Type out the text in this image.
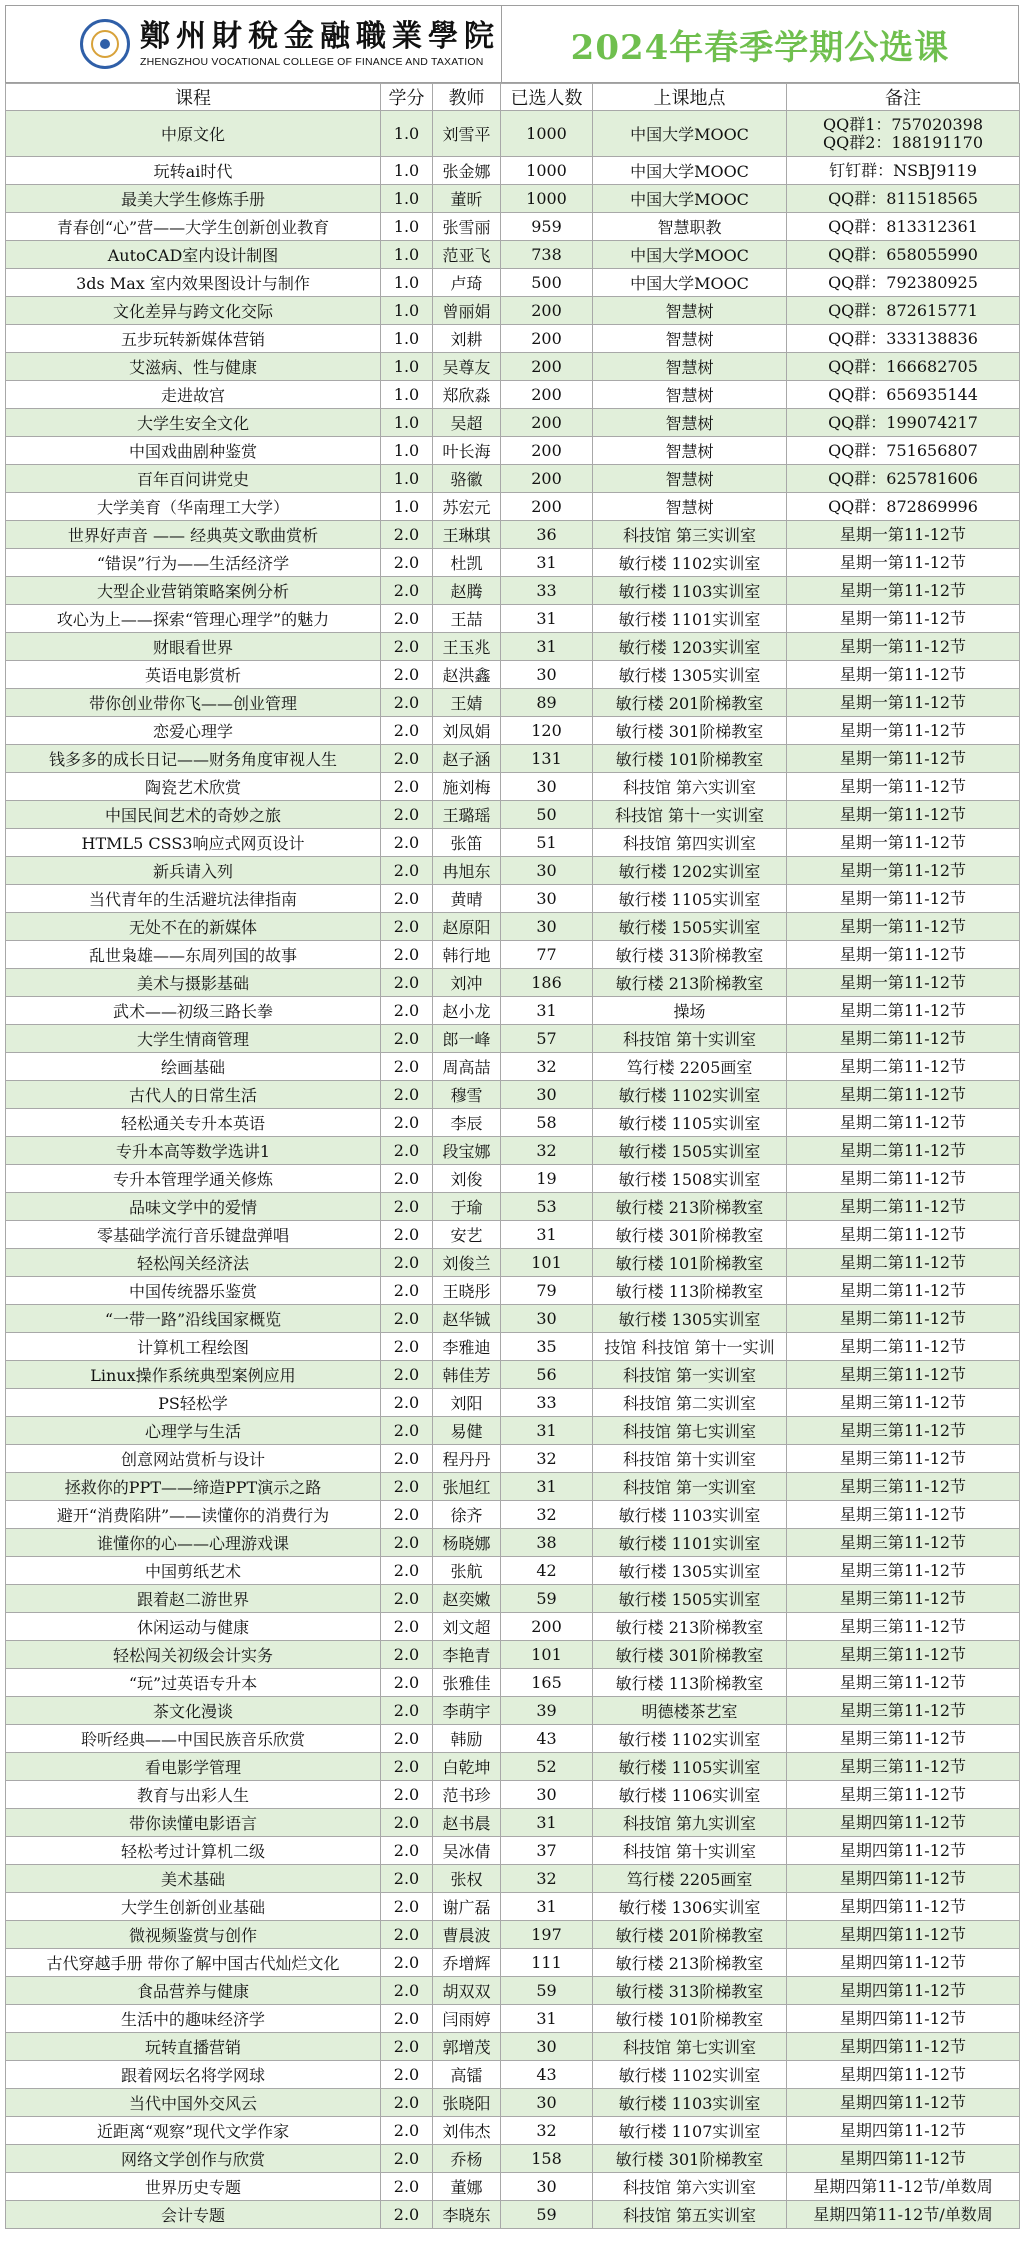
鄭州財稅金融職業學院
ZHENGZHOU VOCATIONAL COLLEGE OF FINANCE AND TAXATION	2024年春季学期公选课
课程	学分	教师	已选人数	上课地点	备注
中原文化	1.0	刘雪平	1000	中国大学MOOC	QQ群1：757020398
QQ群2：188191170
玩转ai时代	1.0	张金娜	1000	中国大学MOOC	钉钉群：NSBJ9119
最美大学生修炼手册	1.0	董昕	1000	中国大学MOOC	QQ群：811518565
青春创“心”营——大学生创新创业教育	1.0	张雪丽	959	智慧职教	QQ群：813312361
AutoCAD室内设计制图	1.0	范亚飞	738	中国大学MOOC	QQ群：658055990
3ds Max 室内效果图设计与制作	1.0	卢琦	500	中国大学MOOC	QQ群：792380925
文化差异与跨文化交际	1.0	曾丽娟	200	智慧树	QQ群：872615771
五步玩转新媒体营销	1.0	刘耕	200	智慧树	QQ群：333138836
艾滋病、性与健康	1.0	吴尊友	200	智慧树	QQ群：166682705
走进故宫	1.0	郑欣淼	200	智慧树	QQ群：656935144
大学生安全文化	1.0	吴超	200	智慧树	QQ群：199074217
中国戏曲剧种鉴赏	1.0	叶长海	200	智慧树	QQ群：751656807
百年百问讲党史	1.0	骆徽	200	智慧树	QQ群：625781606
大学美育（华南理工大学）	1.0	苏宏元	200	智慧树	QQ群：872869996
世界好声音 —— 经典英文歌曲赏析	2.0	王琳琪	36	科技馆 第三实训室	星期一第11-12节
“错误”行为——生活经济学	2.0	杜凯	31	敏行楼 1102实训室	星期一第11-12节
大型企业营销策略案例分析	2.0	赵腾	33	敏行楼 1103实训室	星期一第11-12节
攻心为上——探索“管理心理学”的魅力	2.0	王喆	31	敏行楼 1101实训室	星期一第11-12节
财眼看世界	2.0	王玉兆	31	敏行楼 1203实训室	星期一第11-12节
英语电影赏析	2.0	赵洪鑫	30	敏行楼 1305实训室	星期一第11-12节
带你创业带你飞——创业管理	2.0	王婧	89	敏行楼 201阶梯教室	星期一第11-12节
恋爱心理学	2.0	刘凤娟	120	敏行楼 301阶梯教室	星期一第11-12节
钱多多的成长日记——财务角度审视人生	2.0	赵子涵	131	敏行楼 101阶梯教室	星期一第11-12节
陶瓷艺术欣赏	2.0	施刘梅	30	科技馆 第六实训室	星期一第11-12节
中国民间艺术的奇妙之旅	2.0	王璐瑶	50	科技馆 第十一实训室	星期一第11-12节
HTML5 CSS3响应式网页设计	2.0	张笛	51	科技馆 第四实训室	星期一第11-12节
新兵请入列	2.0	冉旭东	30	敏行楼 1202实训室	星期一第11-12节
当代青年的生活避坑法律指南	2.0	黄晴	30	敏行楼 1105实训室	星期一第11-12节
无处不在的新媒体	2.0	赵原阳	30	敏行楼 1505实训室	星期一第11-12节
乱世枭雄——东周列国的故事	2.0	韩行地	77	敏行楼 313阶梯教室	星期一第11-12节
美术与摄影基础	2.0	刘冲	186	敏行楼 213阶梯教室	星期一第11-12节
武术——初级三路长拳	2.0	赵小龙	31	操场	星期二第11-12节
大学生情商管理	2.0	郎一峰	57	科技馆 第十实训室	星期二第11-12节
绘画基础	2.0	周高喆	32	笃行楼 2205画室	星期二第11-12节
古代人的日常生活	2.0	穆雪	30	敏行楼 1102实训室	星期二第11-12节
轻松通关专升本英语	2.0	李辰	58	敏行楼 1105实训室	星期二第11-12节
专升本高等数学选讲1	2.0	段宝娜	32	敏行楼 1505实训室	星期二第11-12节
专升本管理学通关修炼	2.0	刘俊	19	敏行楼 1508实训室	星期二第11-12节
品味文学中的爱情	2.0	于瑜	53	敏行楼 213阶梯教室	星期二第11-12节
零基础学流行音乐键盘弹唱	2.0	安艺	31	敏行楼 301阶梯教室	星期二第11-12节
轻松闯关经济法	2.0	刘俊兰	101	敏行楼 101阶梯教室	星期二第11-12节
中国传统器乐鉴赏	2.0	王晓彤	79	敏行楼 113阶梯教室	星期二第11-12节
“一带一路”沿线国家概览	2.0	赵华铖	30	敏行楼 1305实训室	星期二第11-12节
计算机工程绘图	2.0	李雅迪	35	技馆 科技馆 第十一实训	星期二第11-12节
Linux操作系统典型案例应用	2.0	韩佳芳	56	科技馆 第一实训室	星期三第11-12节
PS轻松学	2.0	刘阳	33	科技馆 第二实训室	星期三第11-12节
心理学与生活	2.0	易健	31	科技馆 第七实训室	星期三第11-12节
创意网站赏析与设计	2.0	程丹丹	32	科技馆 第十实训室	星期三第11-12节
拯救你的PPT——缔造PPT演示之路	2.0	张旭红	31	科技馆 第一实训室	星期三第11-12节
避开“消费陷阱”——读懂你的消费行为	2.0	徐齐	32	敏行楼 1103实训室	星期三第11-12节
谁懂你的心——心理游戏课	2.0	杨晓娜	38	敏行楼 1101实训室	星期三第11-12节
中国剪纸艺术	2.0	张航	42	敏行楼 1305实训室	星期三第11-12节
跟着赵二游世界	2.0	赵奕嫩	59	敏行楼 1505实训室	星期三第11-12节
休闲运动与健康	2.0	刘文超	200	敏行楼 213阶梯教室	星期三第11-12节
轻松闯关初级会计实务	2.0	李艳青	101	敏行楼 301阶梯教室	星期三第11-12节
“玩”过英语专升本	2.0	张雅佳	165	敏行楼 113阶梯教室	星期三第11-12节
茶文化漫谈	2.0	李萌宇	39	明德楼茶艺室	星期三第11-12节
聆听经典——中国民族音乐欣赏	2.0	韩励	43	敏行楼 1102实训室	星期三第11-12节
看电影学管理	2.0	白乾坤	52	敏行楼 1105实训室	星期三第11-12节
教育与出彩人生	2.0	范书珍	30	敏行楼 1106实训室	星期三第11-12节
带你读懂电影语言	2.0	赵书晨	31	科技馆 第九实训室	星期四第11-12节
轻松考过计算机二级	2.0	吴冰倩	37	科技馆 第十实训室	星期四第11-12节
美术基础	2.0	张权	32	笃行楼 2205画室	星期四第11-12节
大学生创新创业基础	2.0	谢广磊	31	敏行楼 1306实训室	星期四第11-12节
微视频鉴赏与创作	2.0	曹晨波	197	敏行楼 201阶梯教室	星期四第11-12节
古代穿越手册 带你了解中国古代灿烂文化	2.0	乔增辉	111	敏行楼 213阶梯教室	星期四第11-12节
食品营养与健康	2.0	胡双双	59	敏行楼 313阶梯教室	星期四第11-12节
生活中的趣味经济学	2.0	闫雨婷	31	敏行楼 101阶梯教室	星期四第11-12节
玩转直播营销	2.0	郭增茂	30	科技馆 第七实训室	星期四第11-12节
跟着网坛名将学网球	2.0	高镭	43	敏行楼 1102实训室	星期四第11-12节
当代中国外交风云	2.0	张晓阳	30	敏行楼 1103实训室	星期四第11-12节
近距离“观察”现代文学作家	2.0	刘伟杰	32	敏行楼 1107实训室	星期四第11-12节
网络文学创作与欣赏	2.0	乔杨	158	敏行楼 301阶梯教室	星期四第11-12节
世界历史专题	2.0	董娜	30	科技馆 第六实训室	星期四第11-12节/单数周
会计专题	2.0	李晓东	59	科技馆 第五实训室	星期四第11-12节/单数周
